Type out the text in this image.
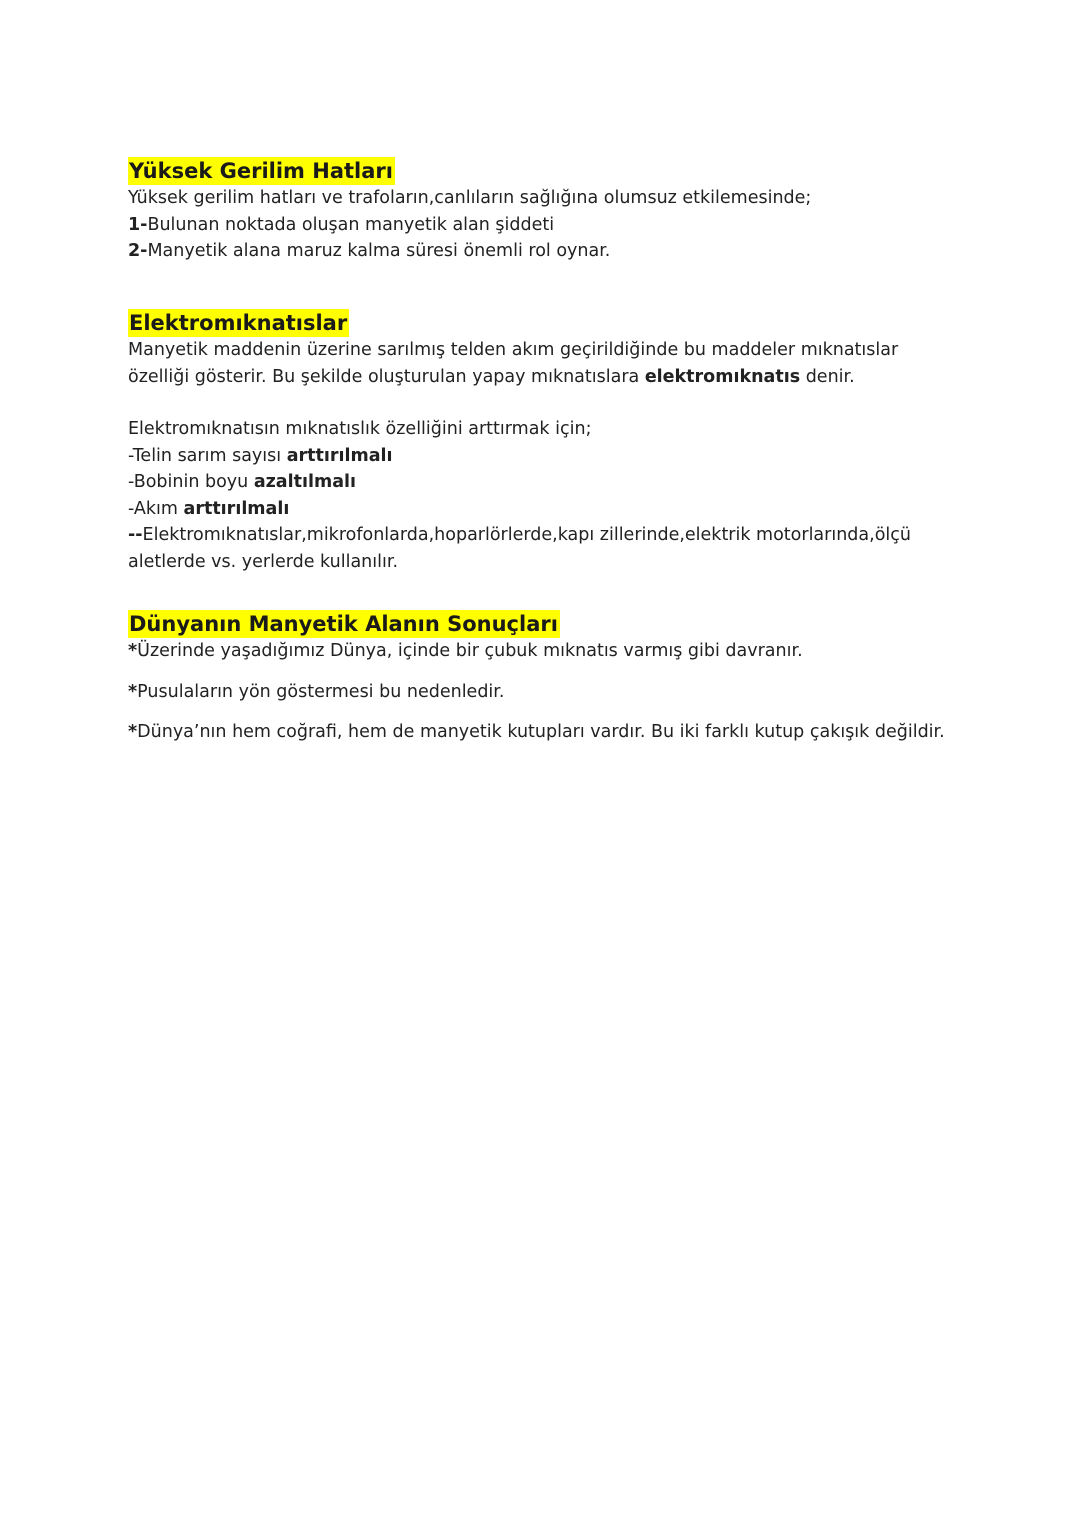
Yüksek Gerilim Hatları

Yüksek gerilim hatları ve trafoların,canlıların sağlığına olumsuz etkilemesinde;

1-Bulunan noktada oluşan manyetik alan şiddeti

2-Manyetik alana maruz kalma süresi önemli rol oynar.

Elektromıknatıslar

Manyetik maddenin üzerine sarılmış telden akım geçirildiğinde bu maddeler mıknatıslar

özelliği gösterir. Bu şekilde oluşturulan yapay mıknatıslara elektromıknatıs denir.

Elektromıknatısın mıknatıslık özelliğini arttırmak için;

-Telin sarım sayısı arttırılmalı

-Bobinin boyu azaltılmalı

-Akım arttırılmalı

--Elektromıknatıslar,mikrofonlarda,hoparlörlerde,kapı zillerinde,elektrik motorlarında,ölçü

aletlerde vs. yerlerde kullanılır.

Dünyanın Manyetik Alanın Sonuçları

*Üzerinde yaşadığımız Dünya, içinde bir çubuk mıknatıs varmış gibi davranır.

*Pusulaların yön göstermesi bu nedenledir.

*Dünya’nın hem coğrafi, hem de manyetik kutupları vardır. Bu iki farklı kutup çakışık değildir.
